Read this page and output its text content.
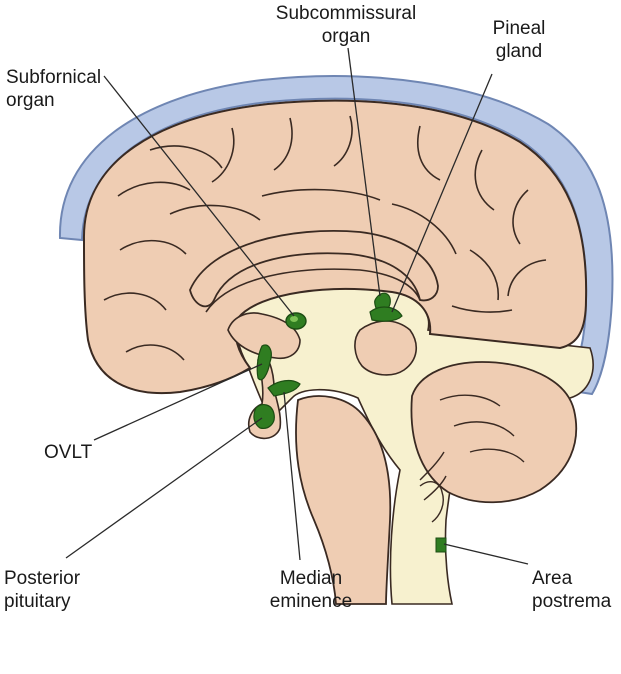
Subfornical
organ
Subcommissural
organ	Pineal
gland
OVLT
Posterior
pituitary
Median
eminence
Area
postrema
